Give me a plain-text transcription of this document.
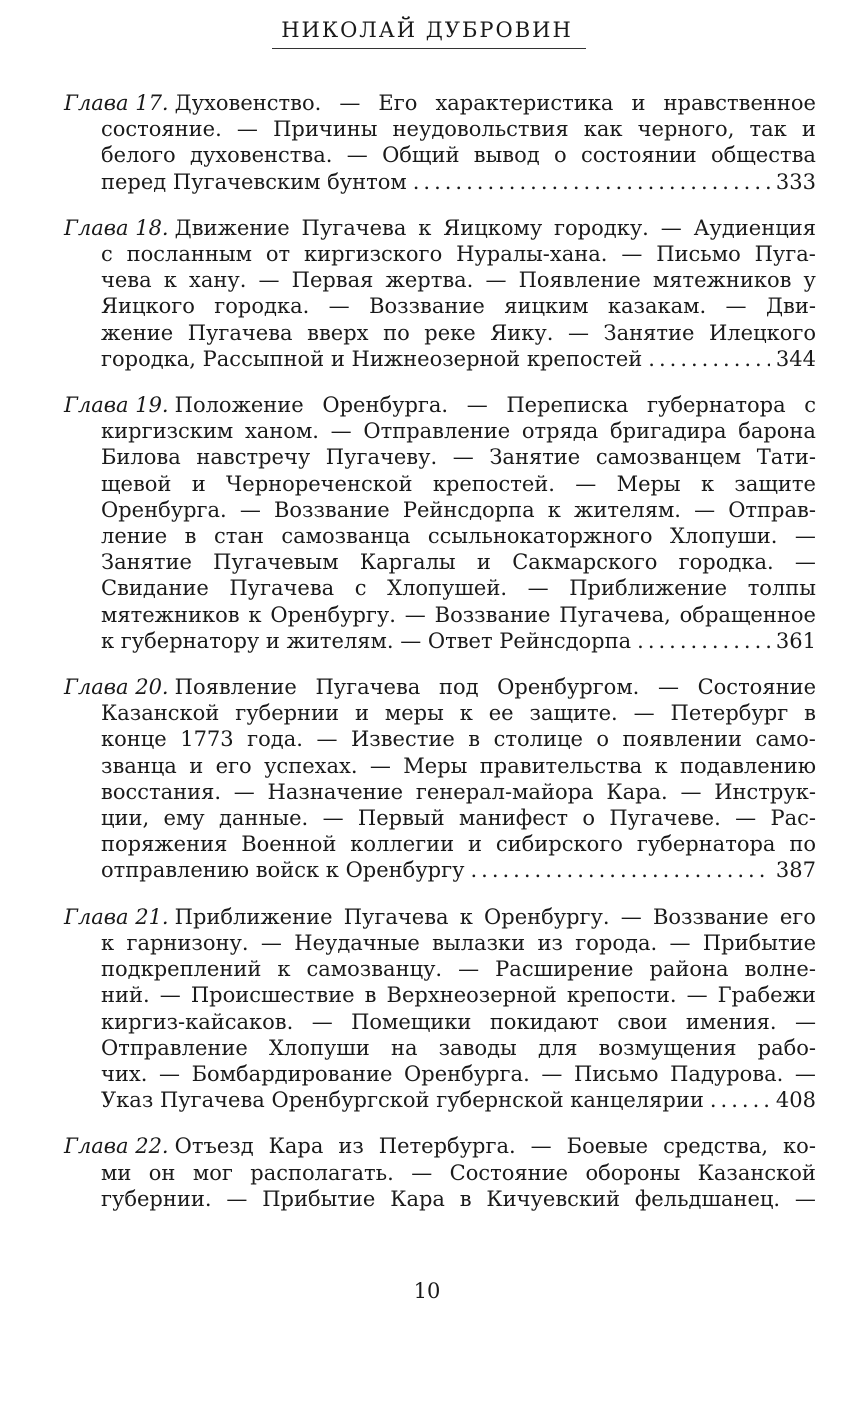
НИКОЛАЙ ДУБРОВИН
Глава 17. Духовенство. — Его характеристика и нравственное
состояние. — Причины неудовольствия как черного, так и
белого духовенства. — Общий вывод о состоянии общества
перед Пугачевским бунтом .....	333
Глава 18. Движение Пугачева к Яицкому городку. — Аудиенция
с посланным от киргизского Нуралы-хана. — Письмо Пуга-
чева к хану. — Первая жертва. — Появление мятежников у
Яицкого городка. — Воззвание яицким казакам. — Дви-
жение Пугачева вверх по реке Яику. — Занятие Илецкого
городка, Рассыпной и Нижнеозерной крепостей .....	344
Глава 19. Положение Оренбурга. — Переписка губернатора с
киргизским ханом. — Отправление отряда бригадира барона
Билова навстречу Пугачеву. — Занятие самозванцем Тати-
щевой и Чернореченской крепостей. — Меры к защите
Оренбурга. — Воззвание Рейнсдорпа к жителям. — Отправ-
ление в стан самозванца ссыльнокаторжного Хлопуши. —
Занятие Пугачевым Каргалы и Сакмарского городка. —
Свидание Пугачева с Хлопушей. — Приближение толпы
мятежников к Оренбургу. — Воззвание Пугачева, обращенное
к губернатору и жителям. — Ответ Рейнсдорпа .....	361
Глава 20. Появление Пугачева под Оренбургом. — Состояние
Казанской губернии и меры к ее защите. — Петербург в
конце 1773 года. — Известие в столице о появлении само-
званца и его успехах. — Меры правительства к подавлению
восстания. — Назначение генерал-майора Кара. — Инструк-
ции, ему данные. — Первый манифест о Пугачеве. — Рас-
поряжения Военной коллегии и сибирского губернатора по
отправлению войск к Оренбургу .....	387
Глава 21. Приближение Пугачева к Оренбургу. — Воззвание его
к гарнизону. — Неудачные вылазки из города. — Прибытие
подкреплений к самозванцу. — Расширение района волне-
ний. — Происшествие в Верхнеозерной крепости. — Грабежи
киргиз-кайсаков. — Помещики покидают свои имения. —
Отправление Хлопуши на заводы для возмущения рабо-
чих. — Бомбардирование Оренбурга. — Письмо Падурова. —
Указ Пугачева Оренбургской губернской канцелярии .....	408
Глава 22. Отъезд Кара из Петербурга. — Боевые средства, ко-
ми он мог располагать. — Состояние обороны Казанской
губернии. — Прибытие Кара в Кичуевский фельдшанец. —
10
